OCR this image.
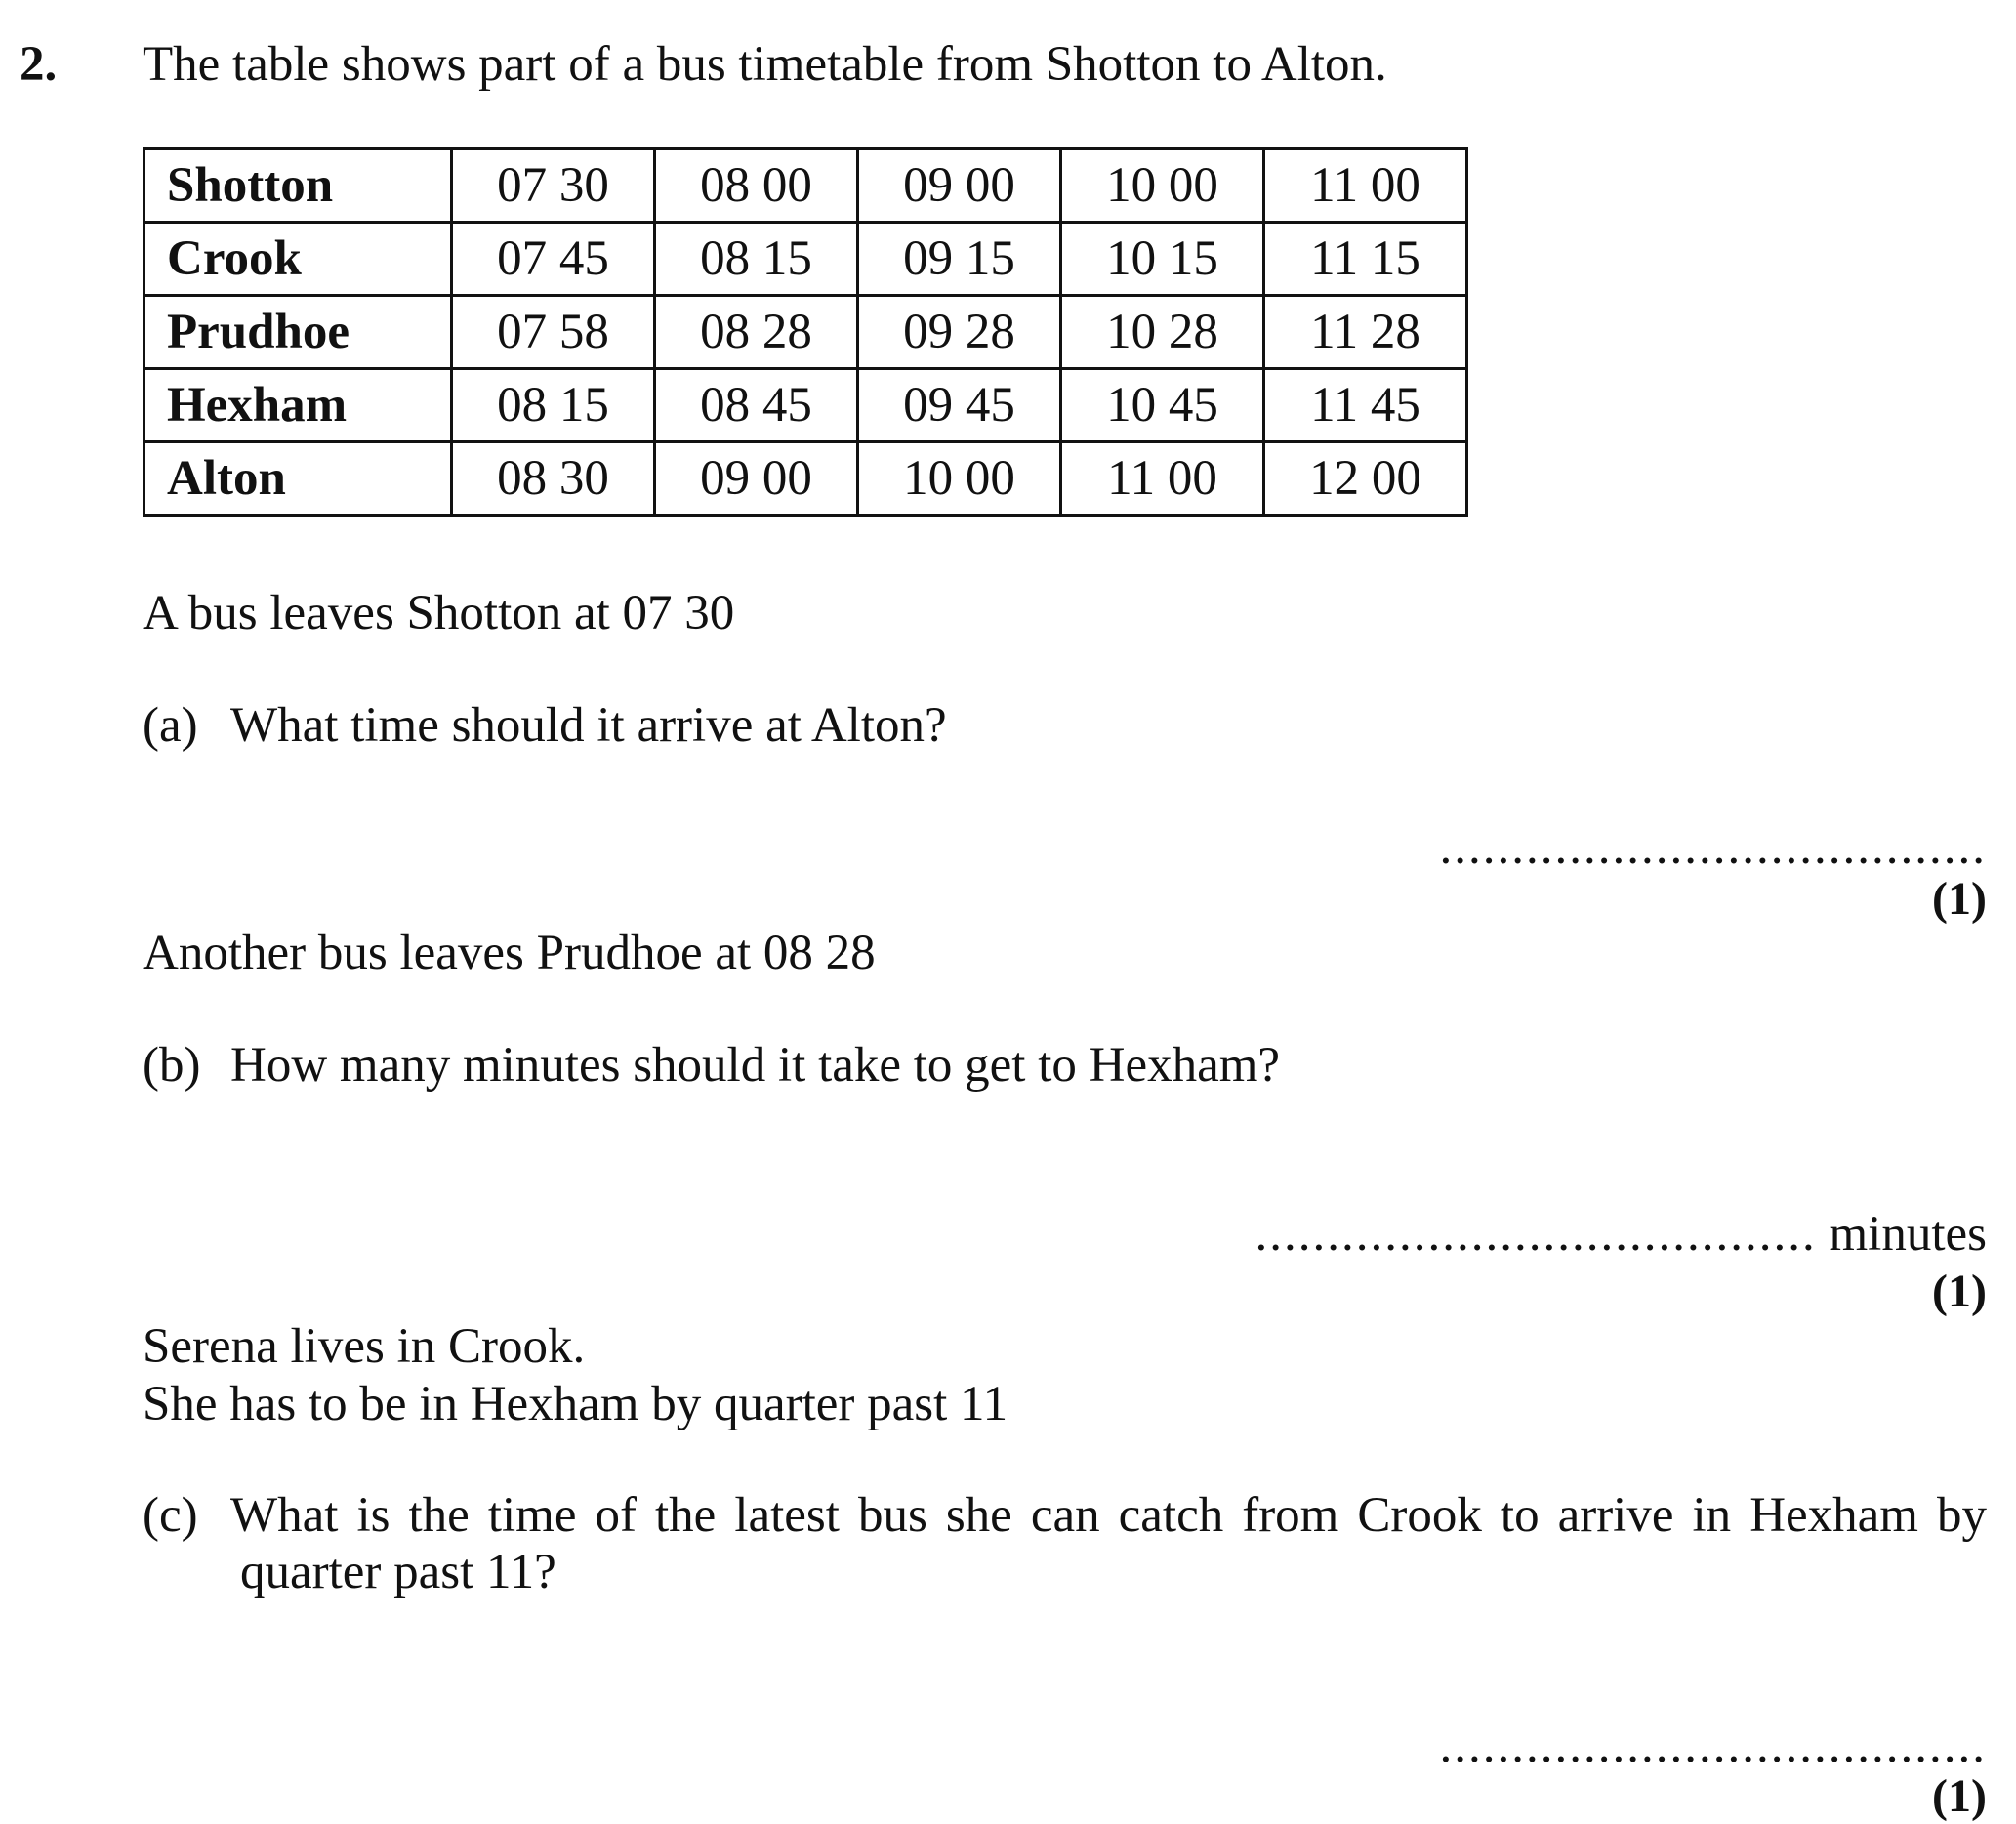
2. The table shows part of a bus timetable from Shotton to Alton.
Shotton	07 30	08 00	09 00	10 00	11 00
Crook	07 45	08 15	09 15	10 15	11 15
Prudhoe	07 58	08 28	09 28	10 28	11 28
Hexham	08 15	08 45	09 45	10 45	11 45
Alton	08 30	09 00	10 00	11 00	12 00
A bus leaves Shotton at 07 30
(a) What time should it arrive at Alton?
......................................
(1)
Another bus leaves Prudhoe at 08 28
(b) How many minutes should it take to get to Hexham?
....................................... minutes
(1)
Serena lives in Crook.
She has to be in Hexham by quarter past 11
(c) What is the time of the latest bus she can catch from Crook to arrive in Hexham by
quarter past 11?
......................................
(1)
